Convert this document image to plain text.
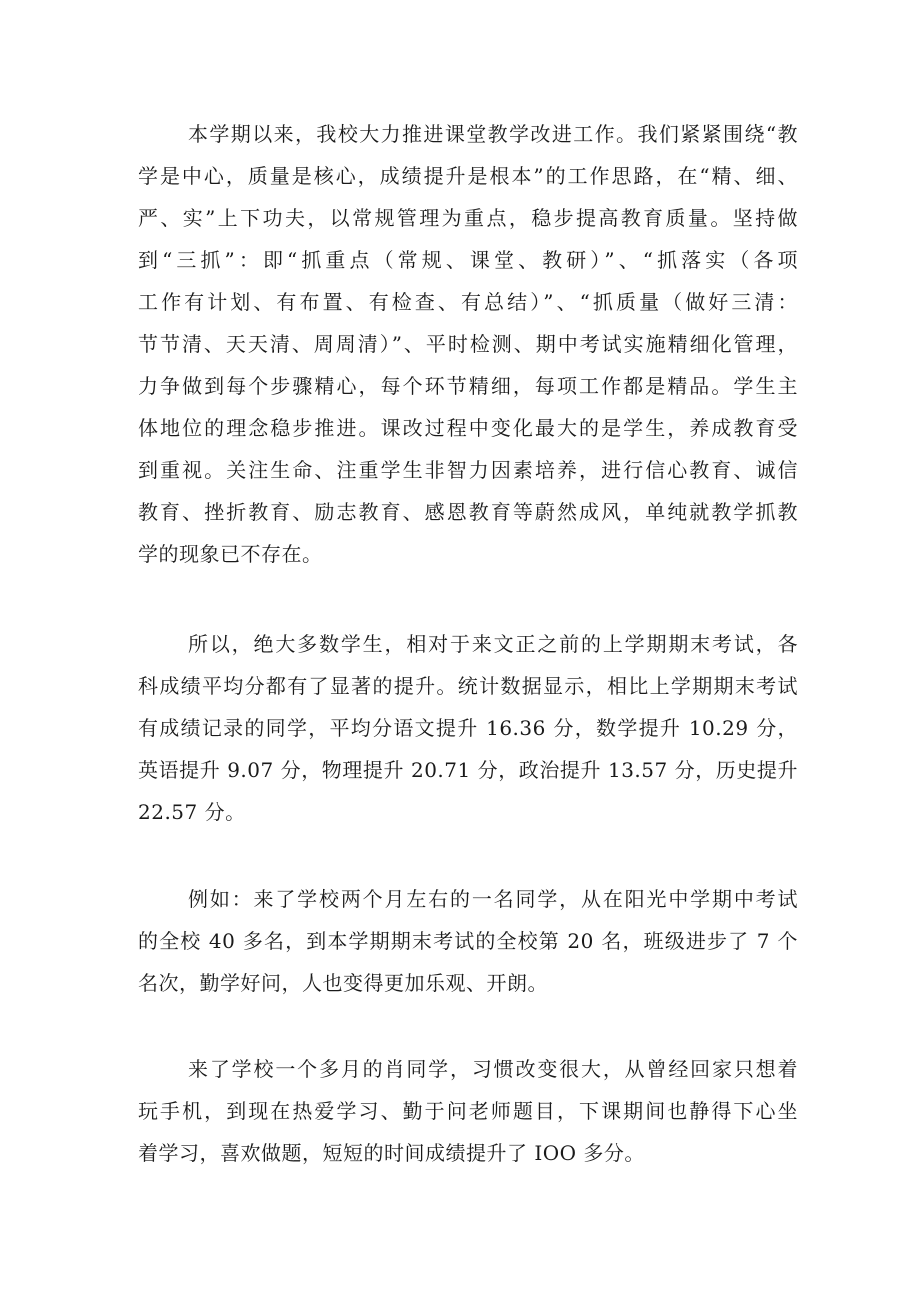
本学期以来，我校大力推进课堂教学改进工作。我们紧紧围绕“教
学是中心，质量是核心，成绩提升是根本”的工作思路，在“精、细、
严、实”上下功夫，以常规管理为重点，稳步提高教育质量。坚持做
到“三抓”：即“抓重点（常规、课堂、教研）”、“抓落实（各项
工作有计划、有布置、有检查、有总结）”、“抓质量（做好三清：
节节清、天天清、周周清）”、平时检测、期中考试实施精细化管理，
力争做到每个步骤精心，每个环节精细，每项工作都是精品。学生主
体地位的理念稳步推进。课改过程中变化最大的是学生，养成教育受
到重视。关注生命、注重学生非智力因素培养，进行信心教育、诚信
教育、挫折教育、励志教育、感恩教育等蔚然成风，单纯就教学抓教
学的现象已不存在。
所以，绝大多数学生，相对于来文正之前的上学期期末考试，各
科成绩平均分都有了显著的提升。统计数据显示，相比上学期期末考试
有成绩记录的同学，平均分语文提升 16.36 分，数学提升 10.29 分，
英语提升 9.07 分，物理提升 20.71 分，政治提升 13.57 分，历史提升
22.57 分。
例如：来了学校两个月左右的一名同学，从在阳光中学期中考试
的全校 40 多名，到本学期期末考试的全校第 20 名，班级进步了 7 个
名次，勤学好问，人也变得更加乐观、开朗。
来了学校一个多月的肖同学，习惯改变很大，从曾经回家只想着
玩手机，到现在热爱学习、勤于问老师题目，下课期间也静得下心坐
着学习，喜欢做题，短短的时间成绩提升了 IOO 多分。
